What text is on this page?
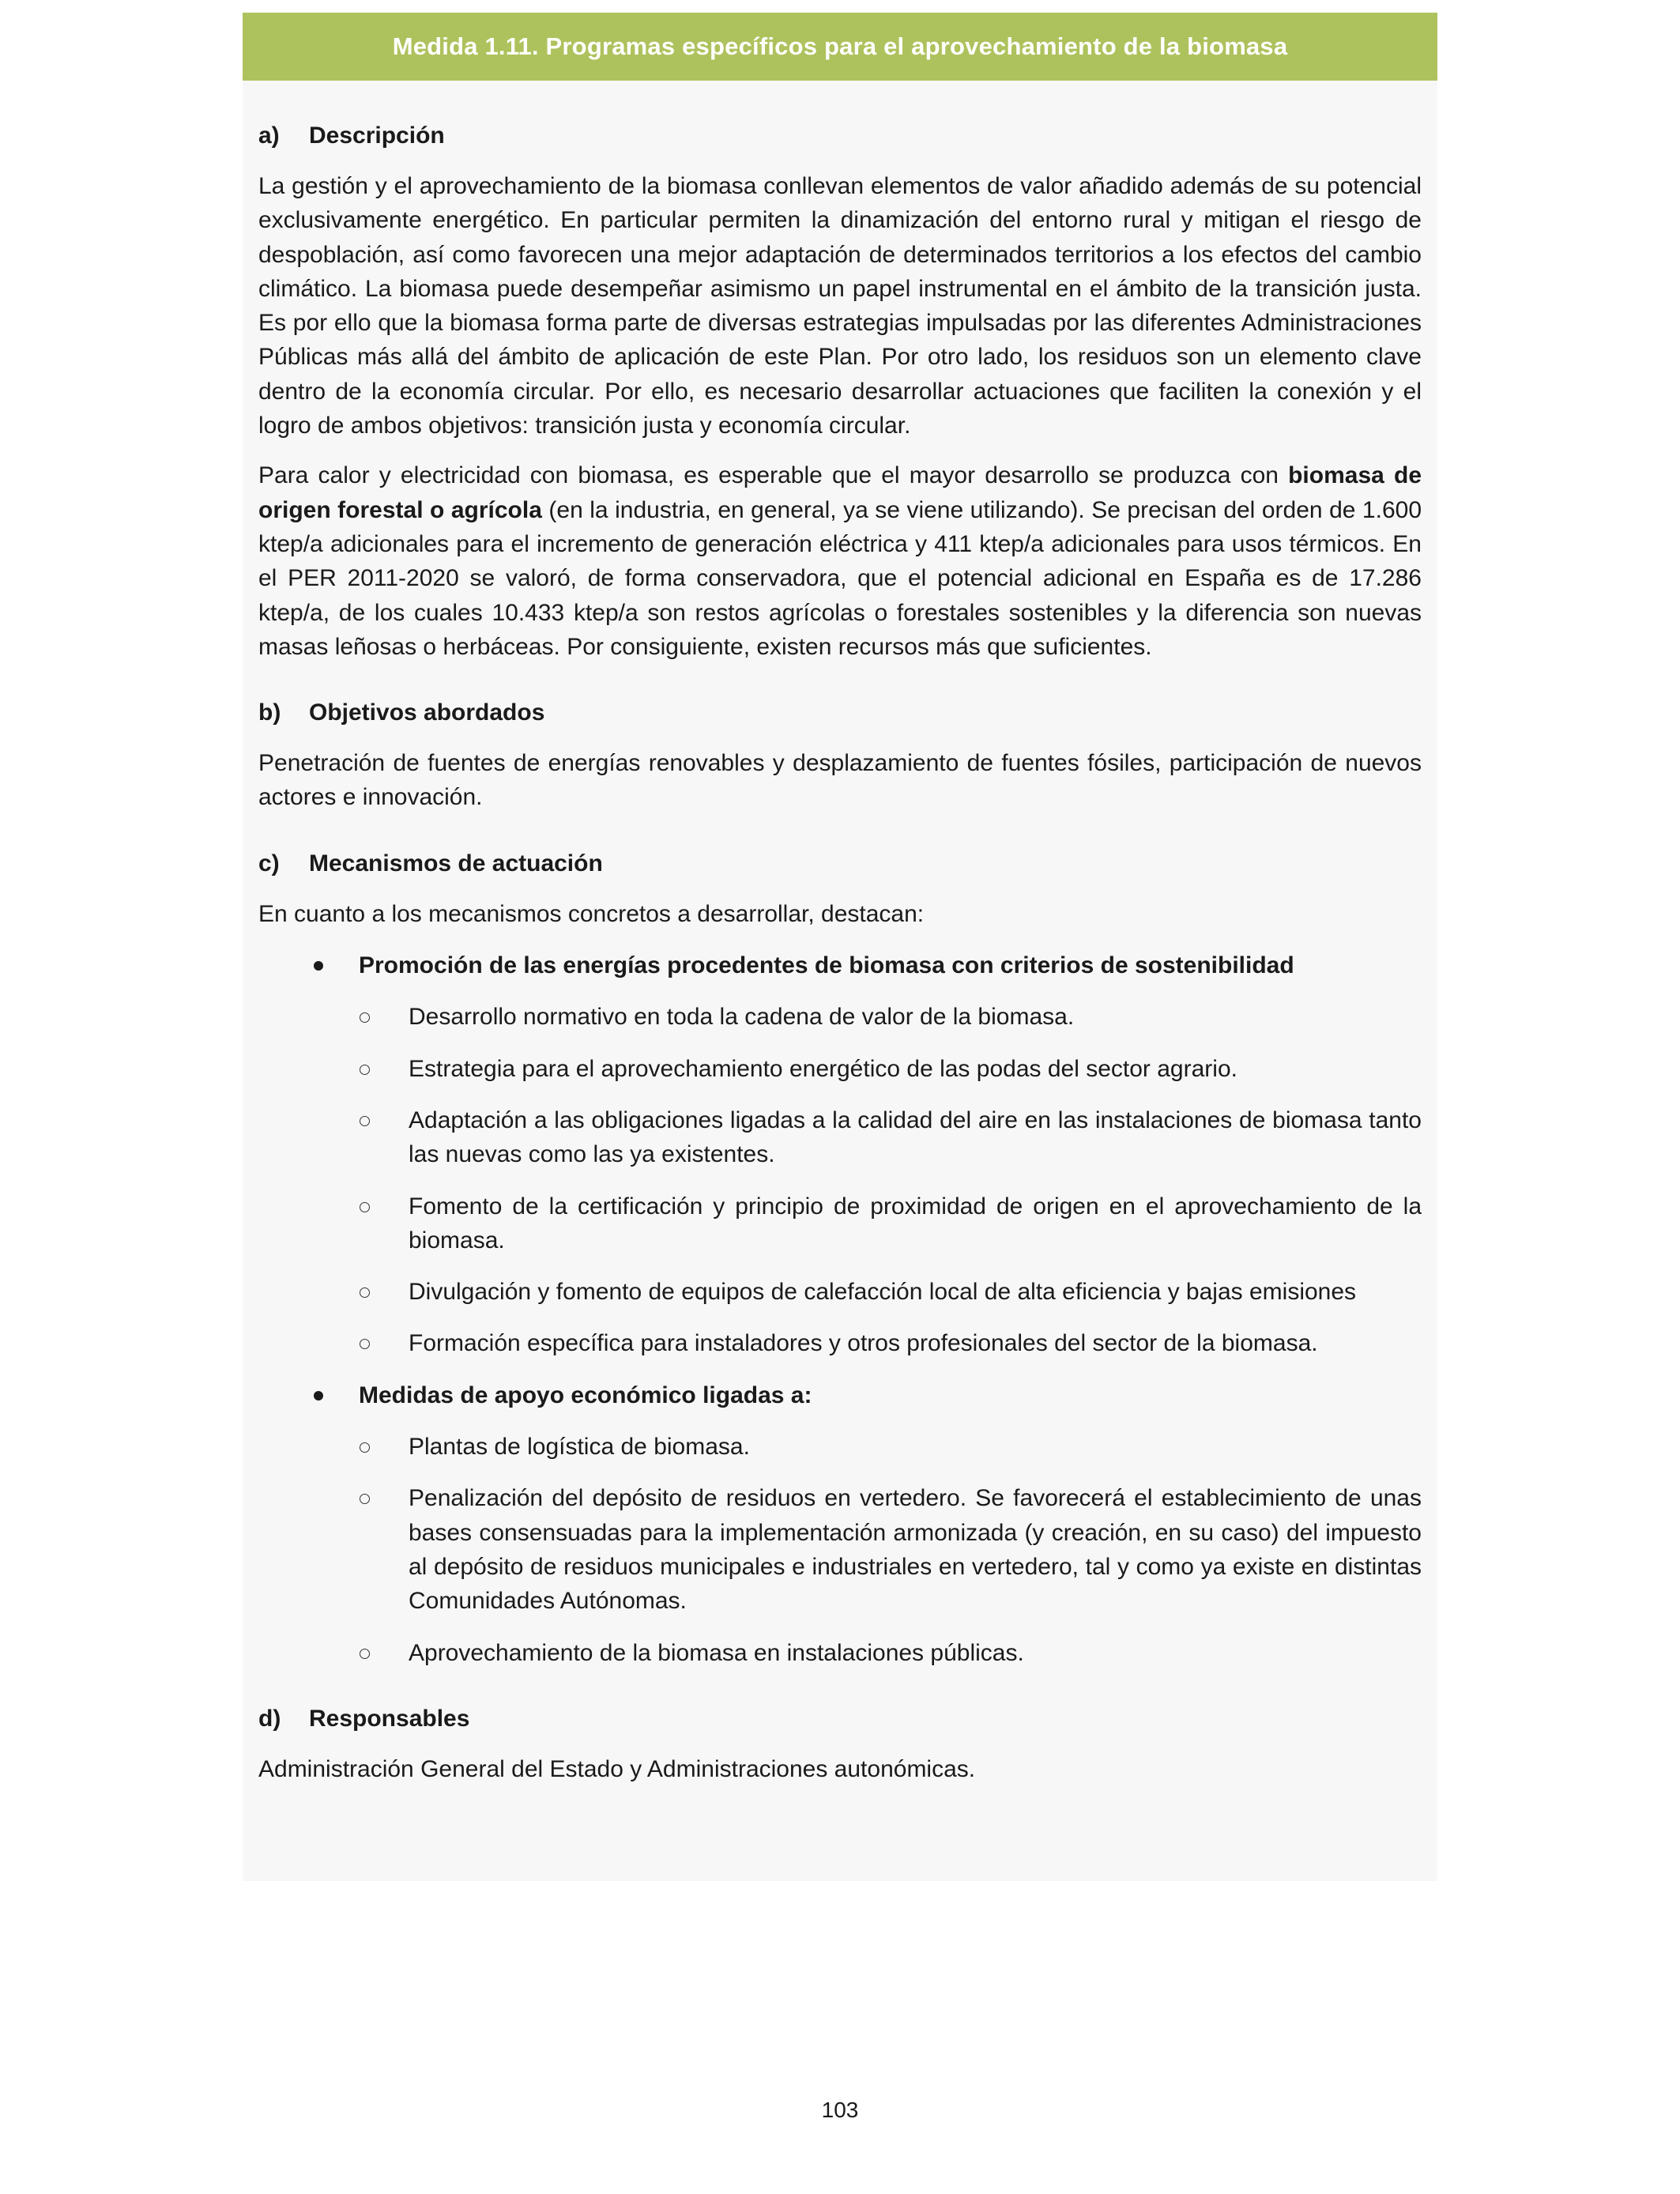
Medida 1.11. Programas específicos para el aprovechamiento de la biomasa
a)	Descripción

La gestión y el aprovechamiento de la biomasa conllevan elementos de valor añadido además de su potencial exclusivamente energético. En particular permiten la dinamización del entorno rural y mitigan el riesgo de despoblación, así como favorecen una mejor adaptación de determinados territorios a los efectos del cambio climático. La biomasa puede desempeñar asimismo un papel instrumental en el ámbito de la transición justa. Es por ello que la biomasa forma parte de diversas estrategias impulsadas por las diferentes Administraciones Públicas más allá del ámbito de aplicación de este Plan. Por otro lado, los residuos son un elemento clave dentro de la economía circular. Por ello, es necesario desarrollar actuaciones que faciliten la conexión y el logro de ambos objetivos: transición justa y economía circular.

Para calor y electricidad con biomasa, es esperable que el mayor desarrollo se produzca con biomasa de origen forestal o agrícola (en la industria, en general, ya se viene utilizando). Se precisan del orden de 1.600 ktep/a adicionales para el incremento de generación eléctrica y 411 ktep/a adicionales para usos térmicos. En el PER 2011-2020 se valoró, de forma conservadora, que el potencial adicional en España es de 17.286 ktep/a, de los cuales 10.433 ktep/a son restos agrícolas o forestales sostenibles y la diferencia son nuevas masas leñosas o herbáceas. Por consiguiente, existen recursos más que suficientes.

b)	Objetivos abordados

Penetración de fuentes de energías renovables y desplazamiento de fuentes fósiles, participación de nuevos actores e innovación.

c)	Mecanismos de actuación

En cuanto a los mecanismos concretos a desarrollar, destacan:

Promoción de las energías procedentes de biomasa con criterios de sostenibilidad
Desarrollo normativo en toda la cadena de valor de la biomasa.
Estrategia para el aprovechamiento energético de las podas del sector agrario.
Adaptación a las obligaciones ligadas a la calidad del aire en las instalaciones de biomasa tanto las nuevas como las ya existentes.
Fomento de la certificación y principio de proximidad de origen en el aprovechamiento de la biomasa.
Divulgación y fomento de equipos de calefacción local de alta eficiencia y bajas emisiones
Formación específica para instaladores y otros profesionales del sector de la biomasa.
Medidas de apoyo económico ligadas a:
Plantas de logística de biomasa.
Penalización del depósito de residuos en vertedero. Se favorecerá el establecimiento de unas bases consensuadas para la implementación armonizada (y creación, en su caso) del impuesto al depósito de residuos municipales e industriales en vertedero, tal y como ya existe en distintas Comunidades Autónomas.
Aprovechamiento de la biomasa en instalaciones públicas.
d)	Responsables

Administración General del Estado y Administraciones autonómicas.

103
